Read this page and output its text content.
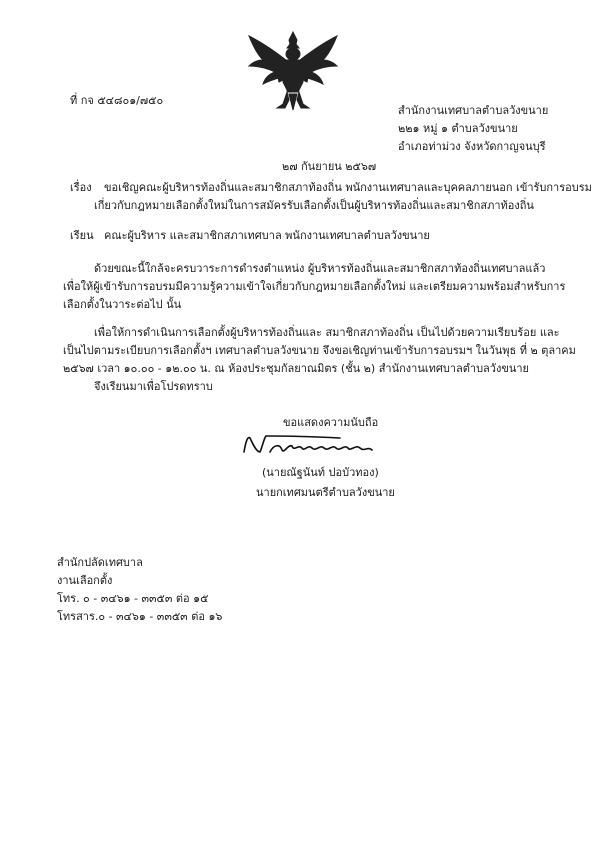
ที่ กจ ๕๔๘๐๑/๗๕๐
สำนักงานเทศบาลตำบลวังขนาย
๒๒๑ หมู่ ๑ ตำบลวังขนาย
อำเภอท่าม่วง จังหวัดกาญจนบุรี
๒๗ กันยายน ๒๕๖๗
เรื่อง ขอเชิญคณะผู้บริหารท้องถิ่นและสมาชิกสภาท้องถิ่น พนักงานเทศบาลและบุคคลภายนอก เข้ารับการอบรม
เกี่ยวกับกฎหมายเลือกตั้งใหม่ในการสมัครรับเลือกตั้งเป็นผู้บริหารท้องถิ่นและสมาชิกสภาท้องถิ่น
เรียน คณะผู้บริหาร และสมาชิกสภาเทศบาล พนักงานเทศบาลตำบลวังขนาย
ด้วยขณะนี้ใกล้จะครบวาระการดำรงตำแหน่ง ผู้บริหารท้องถิ่นและสมาชิกสภาท้องถิ่นเทศบาลแล้ว
เพื่อให้ผู้เข้ารับการอบรมมีความรู้ความเข้าใจเกี่ยวกับกฎหมายเลือกตั้งใหม่ และเตรียมความพร้อมสำหรับการ
เลือกตั้งในวาระต่อไป นั้น
เพื่อให้การดำเนินการเลือกตั้งผู้บริหารท้องถิ่นและ สมาชิกสภาท้องถิ่น เป็นไปด้วยความเรียบร้อย และ
เป็นไปตามระเบียบการเลือกตั้งฯ เทศบาลตำบลวังขนาย จึงขอเชิญท่านเข้ารับการอบรมฯ ในวันพุธ ที่ ๒ ตุลาคม
๒๕๖๗ เวลา ๑๐.๐๐ - ๑๒.๐๐ น. ณ ห้องประชุมกัลยาณมิตร (ชั้น ๒) สำนักงานเทศบาลตำบลวังขนาย
จึงเรียนมาเพื่อโปรดทราบ
ขอแสดงความนับถือ
(นายณัฐนันท์ ปอบัวทอง)
นายกเทศมนตรีตำบลวังขนาย
สำนักปลัดเทศบาล
งานเลือกตั้ง
โทร. ๐ - ๓๔๖๑ - ๓๓๕๓ ต่อ ๑๕
โทรสาร.๐ - ๓๔๖๑ - ๓๓๕๓ ต่อ ๑๖
